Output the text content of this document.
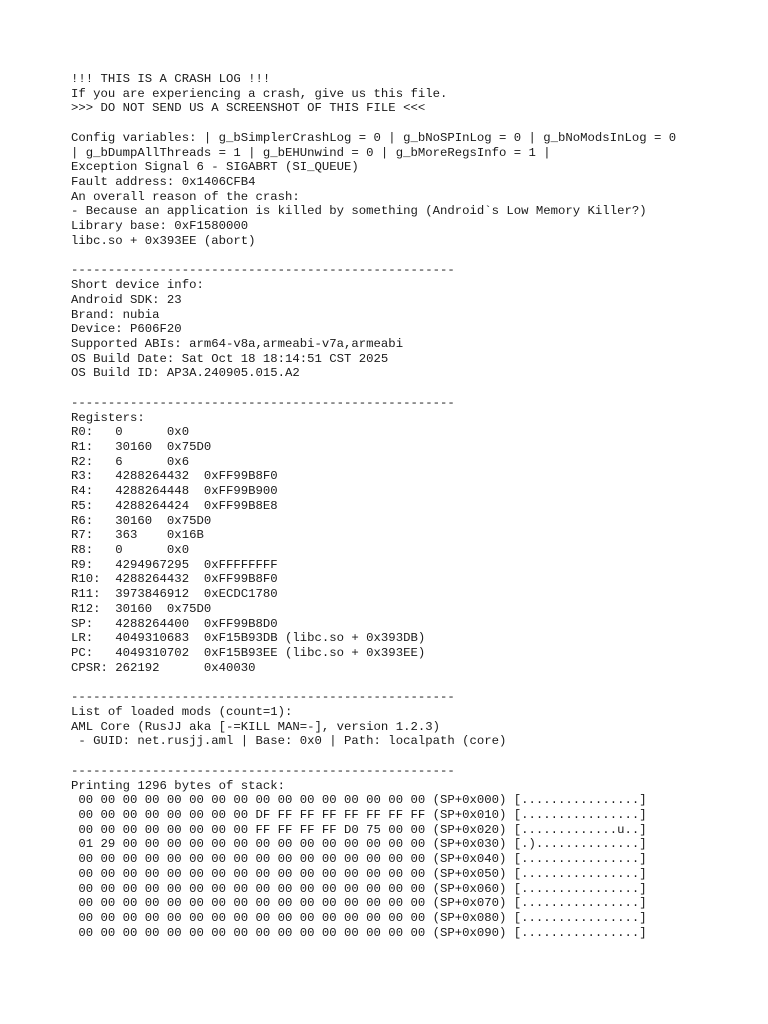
!!! THIS IS A CRASH LOG !!!
If you are experiencing a crash, give us this file.
>>> DO NOT SEND US A SCREENSHOT OF THIS FILE <<<
Config variables: | g_bSimplerCrashLog = 0 | g_bNoSPInLog = 0 | g_bNoModsInLog = 0
| g_bDumpAllThreads = 1 | g_bEHUnwind = 0 | g_bMoreRegsInfo = 1 |
Exception Signal 6 - SIGABRT (SI_QUEUE)
Fault address: 0x1406CFB4
An overall reason of the crash:
- Because an application is killed by something (Android`s Low Memory Killer?)
Library base: 0xF1580000
libc.so + 0x393EE (abort)
----------------------------------------------------
Short device info:
Android SDK: 23
Brand: nubia
Device: P606F20
Supported ABIs: arm64-v8a,armeabi-v7a,armeabi
OS Build Date: Sat Oct 18 18:14:51 CST 2025
OS Build ID: AP3A.240905.015.A2
----------------------------------------------------
Registers:
R0:   0      0x0
R1:   30160  0x75D0
R2:   6      0x6
R3:   4288264432  0xFF99B8F0
R4:   4288264448  0xFF99B900
R5:   4288264424  0xFF99B8E8
R6:   30160  0x75D0
R7:   363    0x16B
R8:   0      0x0
R9:   4294967295  0xFFFFFFFF
R10:  4288264432  0xFF99B8F0
R11:  3973846912  0xECDC1780
R12:  30160  0x75D0
SP:   4288264400  0xFF99B8D0
LR:   4049310683  0xF15B93DB (libc.so + 0x393DB)
PC:   4049310702  0xF15B93EE (libc.so + 0x393EE)
CPSR: 262192      0x40030
----------------------------------------------------
List of loaded mods (count=1):
AML Core (RusJJ aka [-=KILL MAN=-], version 1.2.3)
- GUID: net.rusjj.aml | Base: 0x0 | Path: localpath (core)
----------------------------------------------------
Printing 1296 bytes of stack:
00 00 00 00 00 00 00 00 00 00 00 00 00 00 00 00 (SP+0x000) [................]
00 00 00 00 00 00 00 00 DF FF FF FF FF FF FF FF (SP+0x010) [................]
00 00 00 00 00 00 00 00 FF FF FF FF D0 75 00 00 (SP+0x020) [.............u..]
01 29 00 00 00 00 00 00 00 00 00 00 00 00 00 00 (SP+0x030) [.)..............]
00 00 00 00 00 00 00 00 00 00 00 00 00 00 00 00 (SP+0x040) [................]
00 00 00 00 00 00 00 00 00 00 00 00 00 00 00 00 (SP+0x050) [................]
00 00 00 00 00 00 00 00 00 00 00 00 00 00 00 00 (SP+0x060) [................]
00 00 00 00 00 00 00 00 00 00 00 00 00 00 00 00 (SP+0x070) [................]
00 00 00 00 00 00 00 00 00 00 00 00 00 00 00 00 (SP+0x080) [................]
00 00 00 00 00 00 00 00 00 00 00 00 00 00 00 00 (SP+0x090) [................]
